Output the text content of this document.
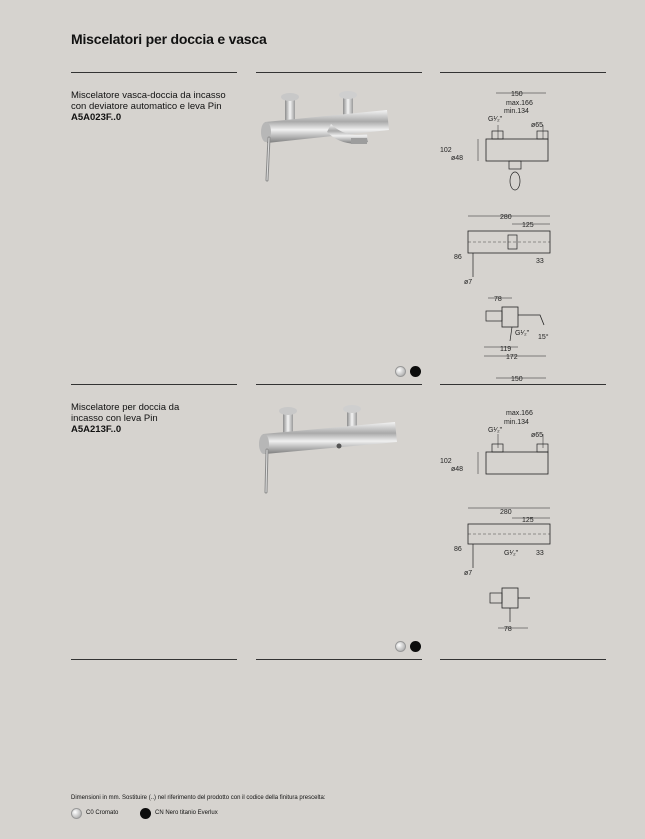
Miscelatori per doccia e vasca
Miscelatore vasca-doccia da incasso
con deviatore automatico e leva Pin
A5A023F..0
150
max.166
min.134
G¹⁄₂"
ø65
102
ø48
280
125
86
33
ø7
78
G¹⁄₂"
15°
119
172
Miscelatore per doccia da
incasso con leva Pin
A5A213F..0
150
max.166
min.134
G¹⁄₂"
ø65
102
ø48
280
125
86
G¹⁄₂"	33
ø7
78
Dimensioni in mm. Sostituire (..) nel riferimento del prodotto con il codice della finitura prescelta:
C0 Cromato	CN Nero titanio Everlux
